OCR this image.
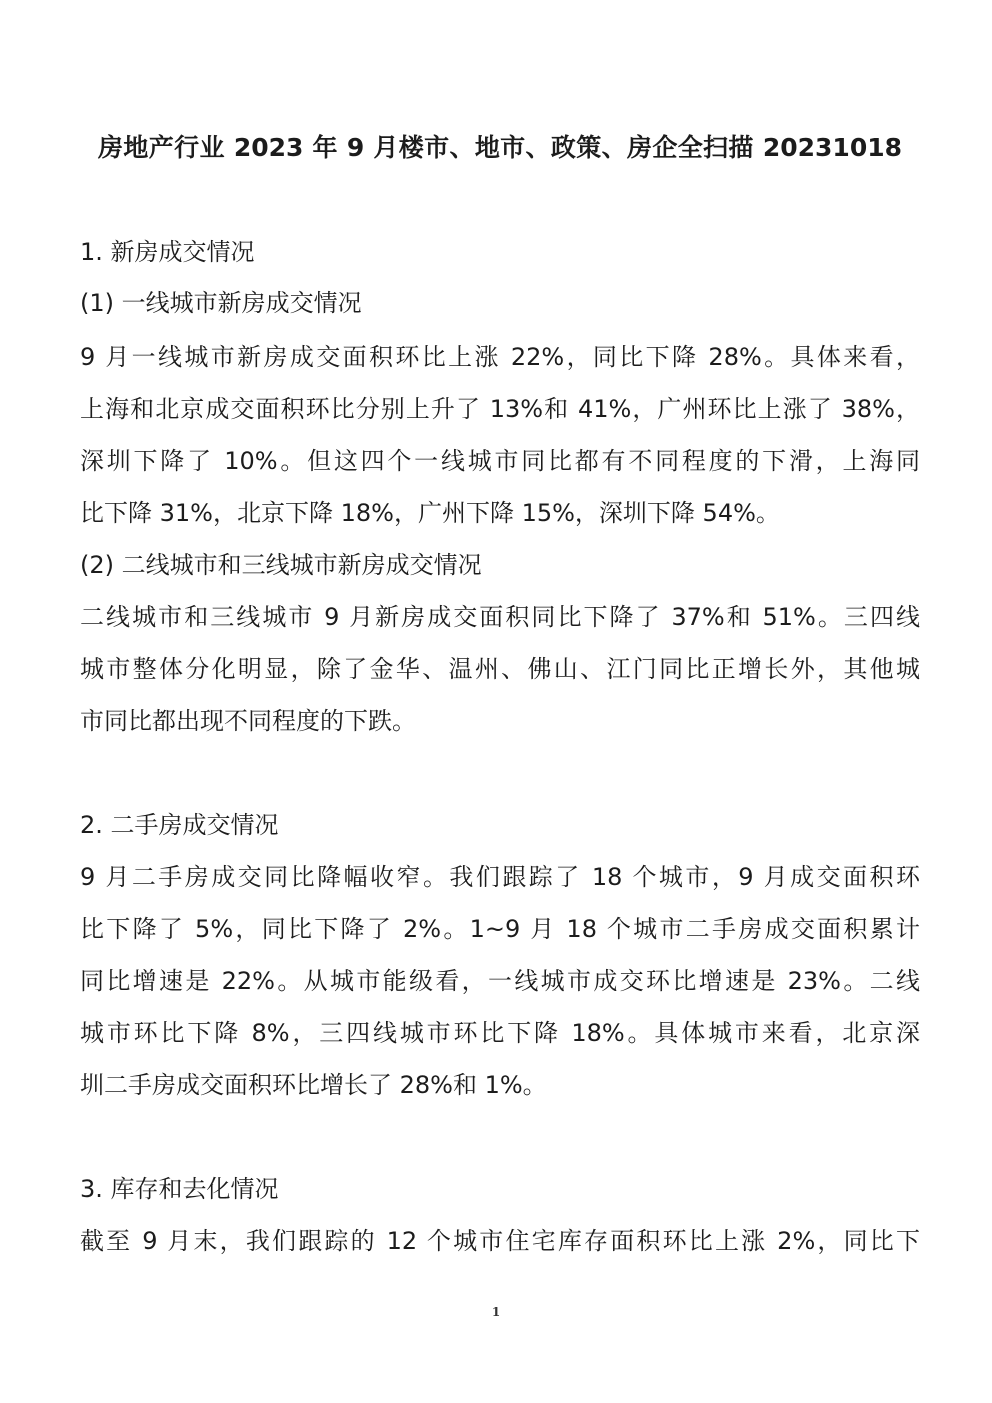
房地产行业 2023 年 9 月楼市、地市、政策、房企全扫描 20231018
1. 新房成交情况
(1) 一线城市新房成交情况
9 月一线城市新房成交面积环比上涨 22%，同比下降 28%。具体来看，
上海和北京成交面积环比分别上升了 13%和 41%，广州环比上涨了 38%，
深圳下降了 10%。但这四个一线城市同比都有不同程度的下滑，上海同
比下降 31%，北京下降 18%，广州下降 15%，深圳下降 54%。
(2) 二线城市和三线城市新房成交情况
二线城市和三线城市 9 月新房成交面积同比下降了 37%和 51%。三四线
城市整体分化明显，除了金华、温州、佛山、江门同比正增长外，其他城
市同比都出现不同程度的下跌。
2. 二手房成交情况
9 月二手房成交同比降幅收窄。我们跟踪了 18 个城市，9 月成交面积环
比下降了 5%，同比下降了 2%。1~9 月 18 个城市二手房成交面积累计
同比增速是 22%。从城市能级看，一线城市成交环比增速是 23%。二线
城市环比下降 8%，三四线城市环比下降 18%。具体城市来看，北京深
圳二手房成交面积环比增长了 28%和 1%。
3. 库存和去化情况
截至 9 月末，我们跟踪的 12 个城市住宅库存面积环比上涨 2%，同比下
1
